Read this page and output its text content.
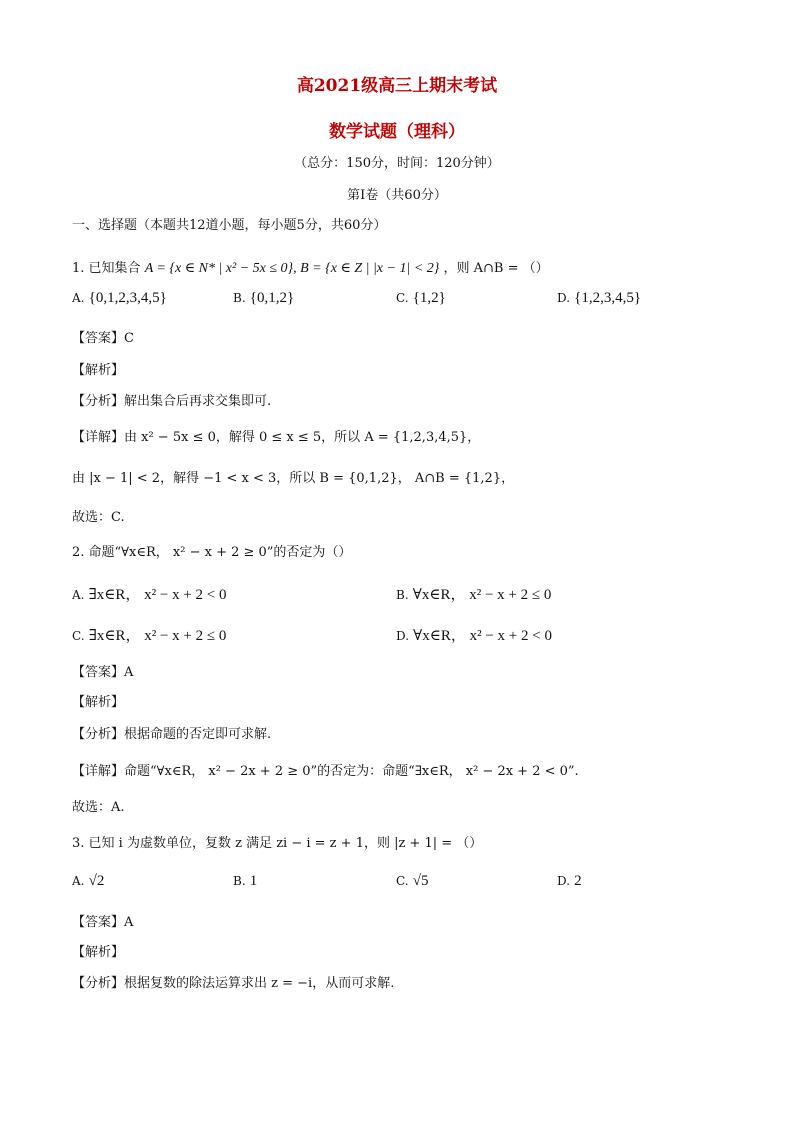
高2021级高三上期末考试
数学试题（理科）
（总分：150分，时间：120分钟）
第Ⅰ卷（共60分）
一、选择题（本题共12道小题，每小题5分，共60分）
1. 已知集合 A = {x ∈ N* | x² − 5x ≤ 0}, B = {x ∈ Z | |x − 1| < 2} ，则 A∩B = （）
A. {0,1,2,3,4,5}	B. {0,1,2}	C. {1,2}	D. {1,2,3,4,5}
【答案】C
【解析】
【分析】解出集合后再求交集即可.
【详解】由 x² − 5x ≤ 0，解得 0 ≤ x ≤ 5，所以 A = {1,2,3,4,5}，
由 |x − 1| < 2，解得 −1 < x < 3，所以 B = {0,1,2}， A∩B = {1,2}，
故选：C.
2. 命题“∀x∈R， x² − x + 2 ≥ 0”的否定为（）
A. ∃x∈R， x² − x + 2 < 0	B. ∀x∈R， x² − x + 2 ≤ 0
C. ∃x∈R， x² − x + 2 ≤ 0	D. ∀x∈R， x² − x + 2 < 0
【答案】A
【解析】
【分析】根据命题的否定即可求解.
【详解】命题“∀x∈R， x² − 2x + 2 ≥ 0”的否定为：命题“∃x∈R， x² − 2x + 2 < 0”.
故选：A.
3. 已知 i 为虚数单位，复数 z 满足 zi − i = z + 1，则 |z + 1| = （）
A. √2	B. 1	C. √5	D. 2
【答案】A
【解析】
【分析】根据复数的除法运算求出 z = −i，从而可求解.
